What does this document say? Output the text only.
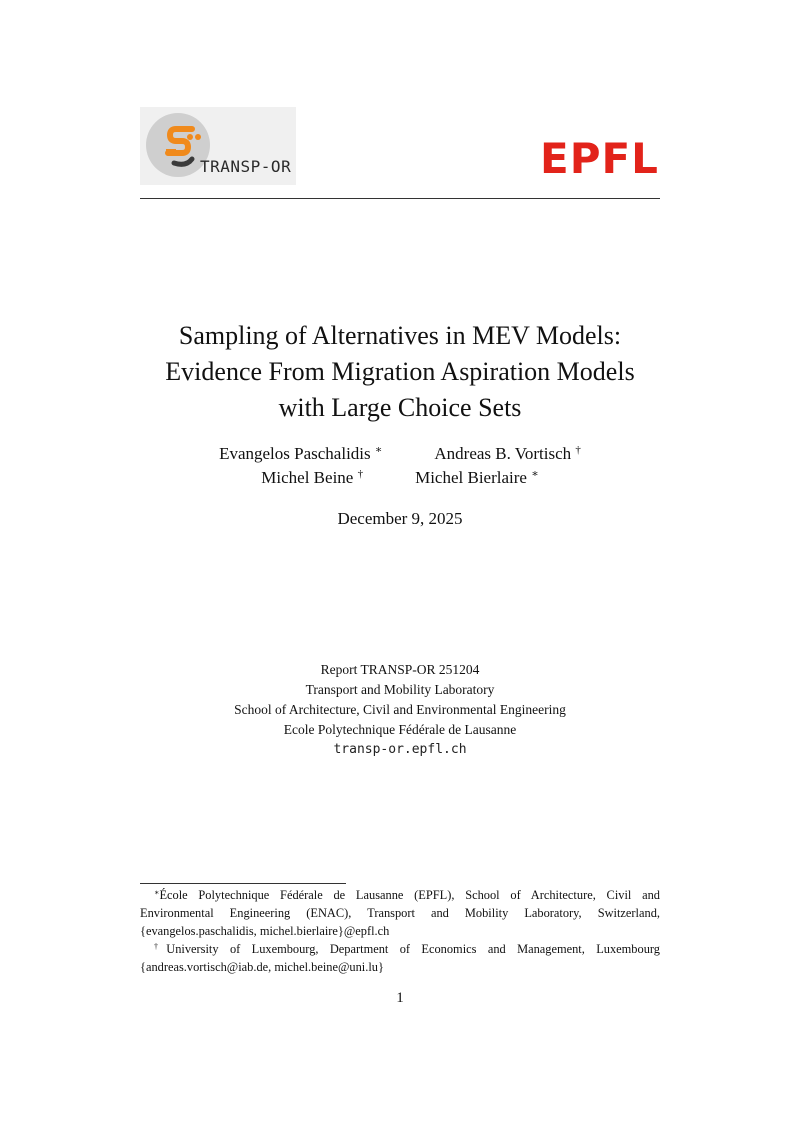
TRANSP-OR	EPFL
Sampling of Alternatives in MEV Models:
Evidence From Migration Aspiration Models
with Large Choice Sets
Evangelos Paschalidis ∗	Andreas B. Vortisch †
Michel Beine †	Michel Bierlaire ∗
December 9, 2025
Report TRANSP-OR 251204
Transport and Mobility Laboratory
School of Architecture, Civil and Environmental Engineering
Ecole Polytechnique Fédérale de Lausanne
transp-or.epfl.ch

∗École Polytechnique Fédérale de Lausanne (EPFL), School of Architecture, Civil and Environmental Engineering (ENAC), Transport and Mobility Laboratory, Switzerland, {evangelos.paschalidis, michel.bierlaire}@epfl.ch

†University of Luxembourg, Department of Economics and Management, Luxembourg {andreas.vortisch@iab.de, michel.beine@uni.lu}

1
